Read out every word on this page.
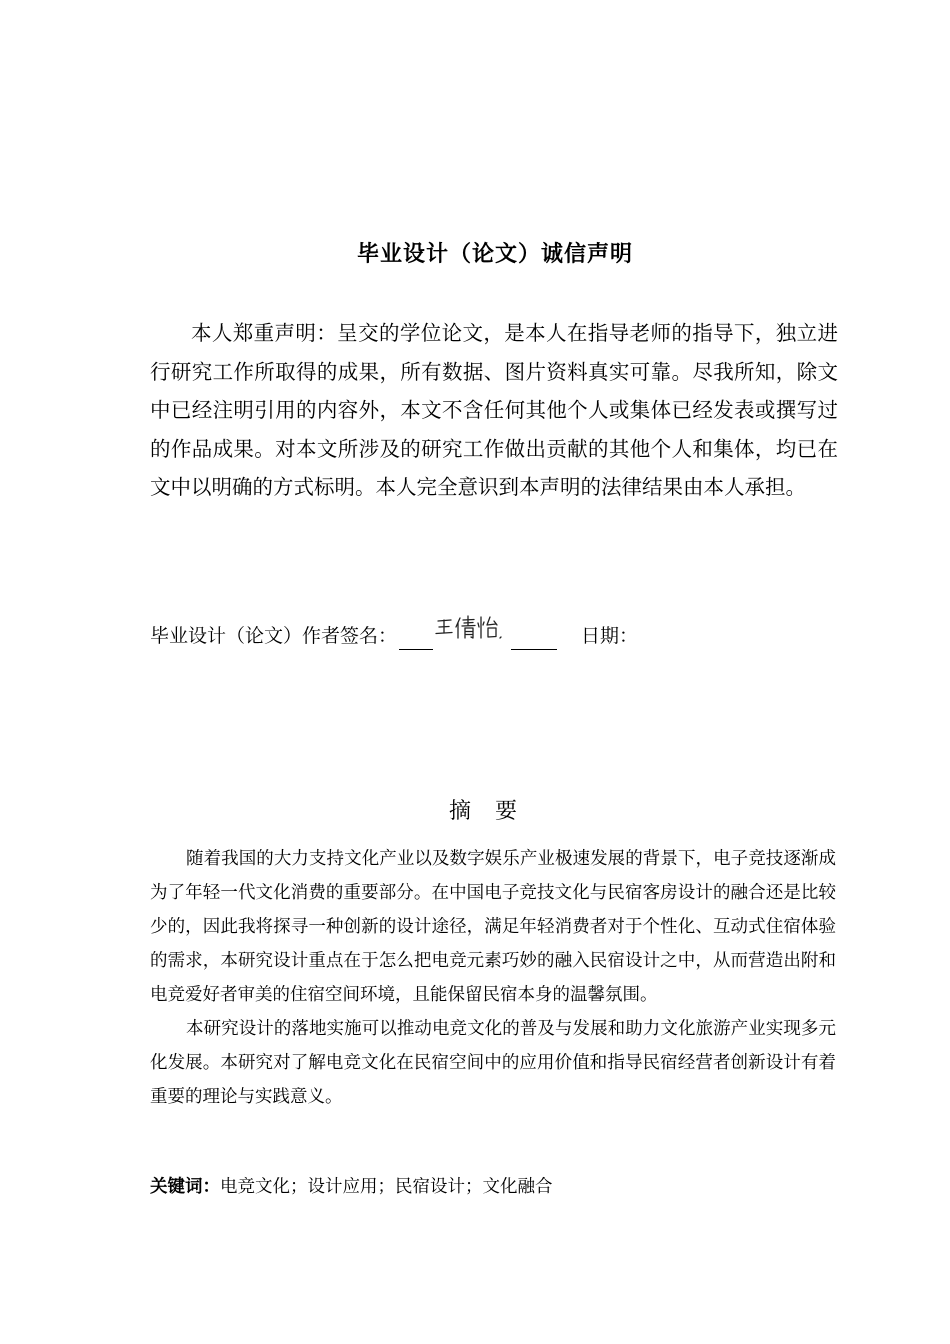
毕业设计（论文）诚信声明

本人郑重声明：呈交的学位论文，是本人在指导老师的指导下，独立进行研究工作所取得的成果，所有数据、图片资料真实可靠。尽我所知，除文中已经注明引用的内容外，本文不含任何其他个人或集体已经发表或撰写过的作品成果。对本文所涉及的研究工作做出贡献的其他个人和集体，均已在文中以明确的方式标明。本人完全意识到本声明的法律结果由本人承担。

毕业设计（论文）作者签名：	日期：
摘要

随着我国的大力支持文化产业以及数字娱乐产业极速发展的背景下，电子竞技逐渐成为了年轻一代文化消费的重要部分。在中国电子竞技文化与民宿客房设计的融合还是比较少的，因此我将探寻一种创新的设计途径，满足年轻消费者对于个性化、互动式住宿体验的需求，本研究设计重点在于怎么把电竞元素巧妙的融入民宿设计之中，从而营造出附和电竞爱好者审美的住宿空间环境，且能保留民宿本身的温馨氛围。

本研究设计的落地实施可以推动电竞文化的普及与发展和助力文化旅游产业实现多元化发展。本研究对了解电竞文化在民宿空间中的应用价值和指导民宿经营者创新设计有着重要的理论与实践意义。

关键词：电竞文化；设计应用；民宿设计；文化融合
